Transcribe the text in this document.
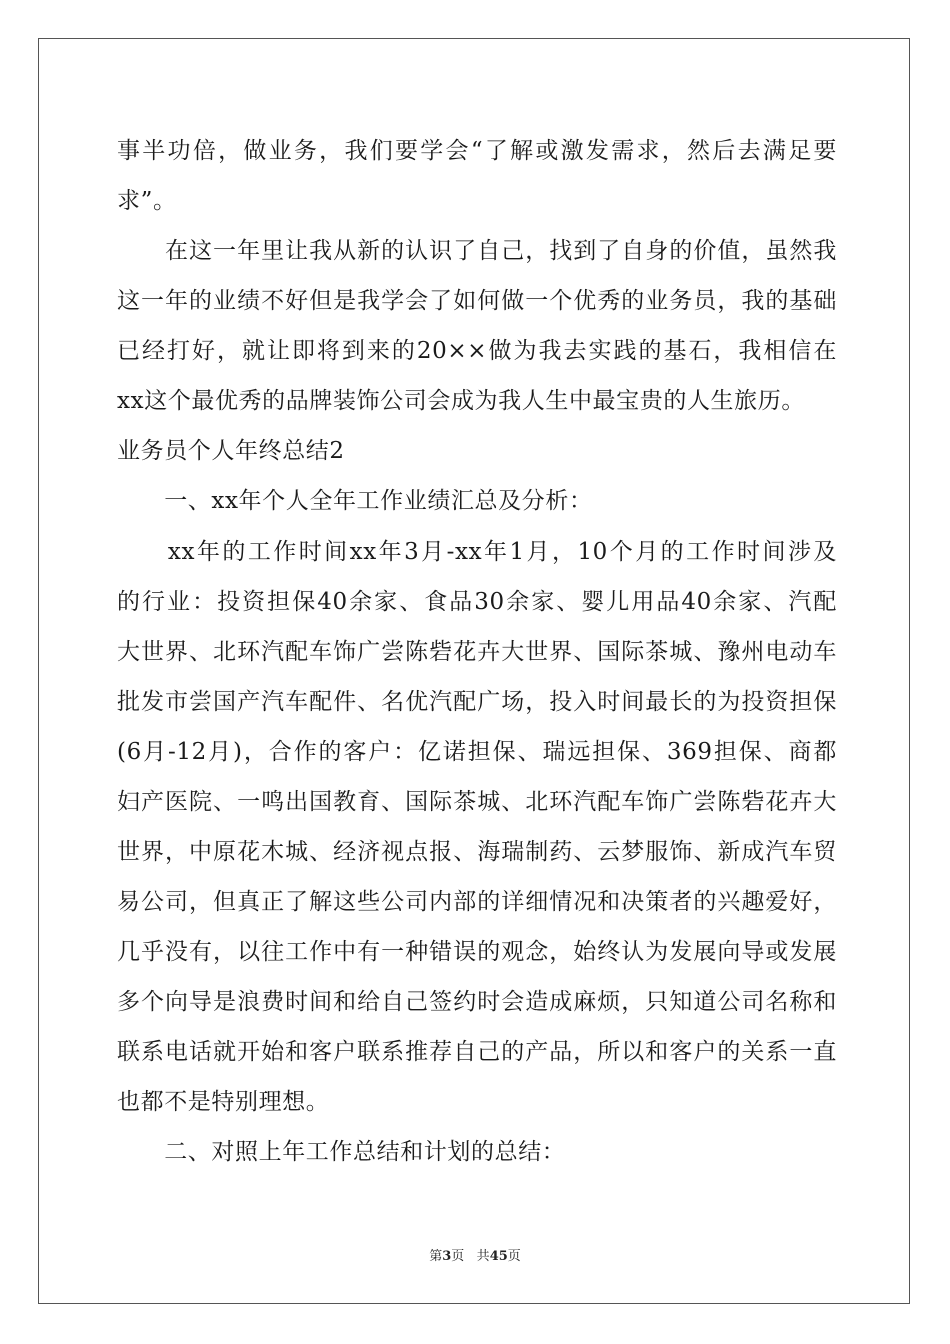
事半功倍，做业务，我们要学会“了解或激发需求，然后去满足要
求”。
　　在这一年里让我从新的认识了自己，找到了自身的价值，虽然我
这一年的业绩不好但是我学会了如何做一个优秀的业务员，我的基础
已经打好，就让即将到来的20××做为我去实践的基石，我相信在
xx这个最优秀的品牌装饰公司会成为我人生中最宝贵的人生旅历。
业务员个人年终总结2
　　一、xx年个人全年工作业绩汇总及分析：
　　xx年的工作时间xx年3月-xx年1月，10个月的工作时间涉及
的行业：投资担保40余家、食品30余家、婴儿用品40余家、汽配
大世界、北环汽配车饰广尝陈砦花卉大世界、国际茶城、豫州电动车
批发市尝国产汽车配件、名优汽配广场，投入时间最长的为投资担保
(6月-12月)，合作的客户：亿诺担保、瑞远担保、369担保、商都
妇产医院、一鸣出国教育、国际茶城、北环汽配车饰广尝陈砦花卉大
世界，中原花木城、经济视点报、海瑞制药、云梦服饰、新成汽车贸
易公司，但真正了解这些公司内部的详细情况和决策者的兴趣爱好，
几乎没有，以往工作中有一种错误的观念，始终认为发展向导或发展
多个向导是浪费时间和给自己签约时会造成麻烦，只知道公司名称和
联系电话就开始和客户联系推荐自己的产品，所以和客户的关系一直
也都不是特别理想。
　　二、对照上年工作总结和计划的总结：
第3页 共45页
